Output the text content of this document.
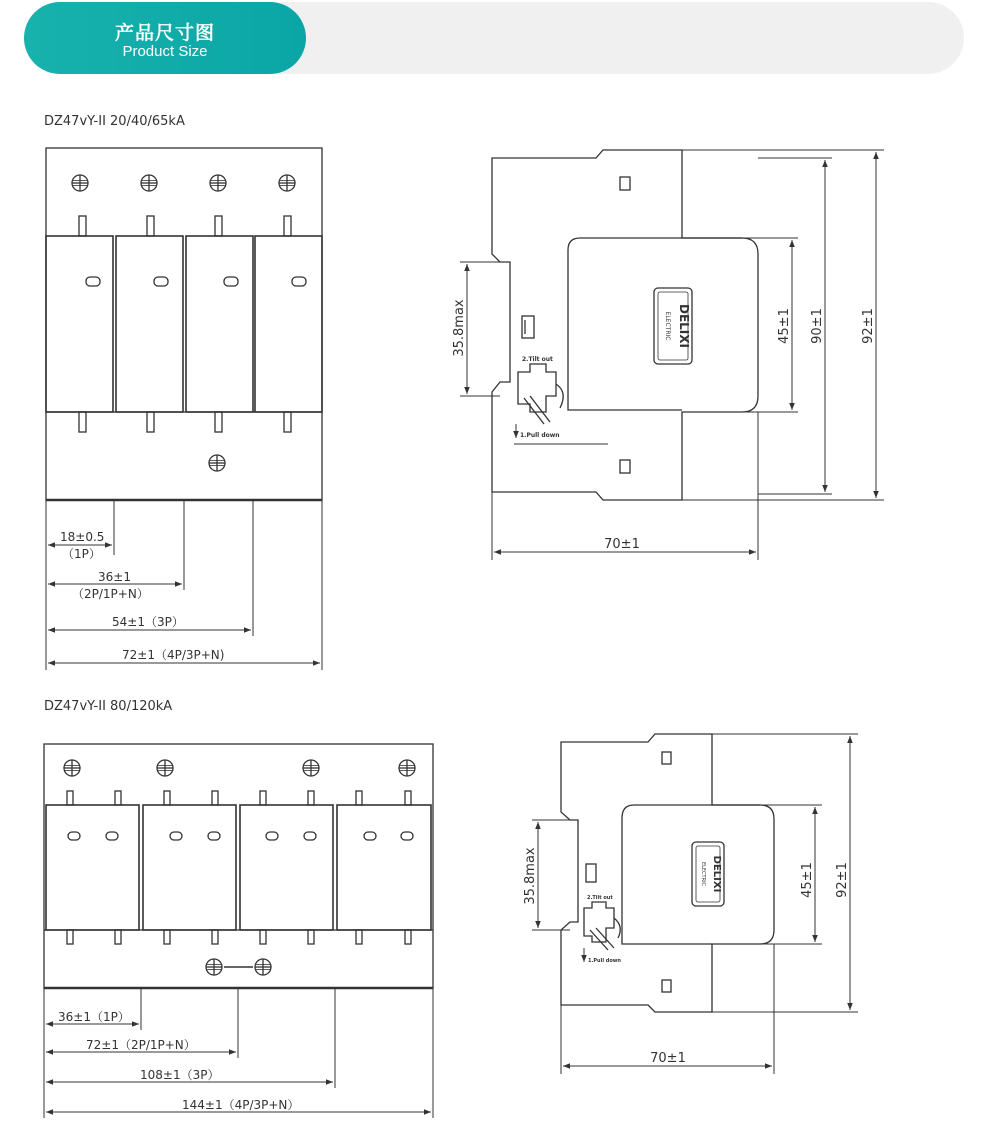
产品尺寸图
Product Size
DZ47vY-II 20/40/65kA
DZ47vY-II 80/120kA
18±0.5
（1P）
36±1
（2P/1P+N）
54±1（3P）
72±1（4P/3P+N)
DELIXI
ELECTRIC
2.Tilt out
1.Pull down
92±1
90±1
45±1
35.8max
70±1
36±1（1P）
72±1（2P/1P+N）
108±1（3P）
144±1（4P/3P+N）
DELIXI
ELECTRIC
2.Tilt out
1.Pull down
92±1
45±1
35.8max
70±1
